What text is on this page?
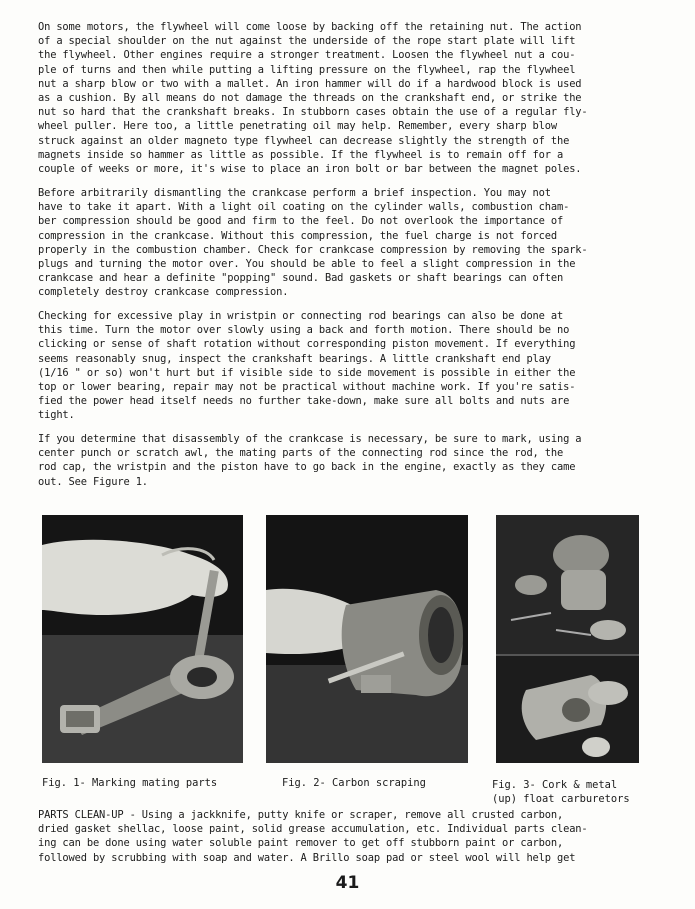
On some motors, the flywheel will come loose by backing off the retaining nut. The action
of a special shoulder on the nut against the underside of the rope start plate will lift
the flywheel. Other engines require a stronger treatment. Loosen the flywheel nut a cou-
ple of turns and then while putting a lifting pressure on the flywheel, rap the flywheel
nut a sharp blow or two with a mallet. An iron hammer will do if a hardwood block is used
as a cushion. By all means do not damage the threads on the crankshaft end, or strike the
nut so hard that the crankshaft breaks. In stubborn cases obtain the use of a regular fly-
wheel puller. Here too, a little penetrating oil may help. Remember, every sharp blow
struck against an older magneto type flywheel can decrease slightly the strength of the
magnets inside so hammer as little as possible. If the flywheel is to remain off for a
couple of weeks or more, it's wise to place an iron bolt or bar between the magnet poles.

Before arbitrarily dismantling the crankcase perform a brief inspection. You may not
have to take it apart. With a light oil coating on the cylinder walls, combustion cham-
ber compression should be good and firm to the feel. Do not overlook the importance of
compression in the crankcase. Without this compression, the fuel charge is not forced
properly in the combustion chamber. Check for crankcase compression by removing the spark-
plugs and turning the motor over. You should be able to feel a slight compression in the
crankcase and hear a definite "popping" sound. Bad gaskets or shaft bearings can often
completely destroy crankcase compression.

Checking for excessive play in wristpin or connecting rod bearings can also be done at
this time. Turn the motor over slowly using a back and forth motion. There should be no
clicking or sense of shaft rotation without corresponding piston movement. If everything
seems reasonably snug, inspect the crankshaft bearings. A little crankshaft end play
(1/16 " or so) won't hurt but if visible side to side movement is possible in either the
top or lower bearing, repair may not be practical without machine work. If you're satis-
fied the power head itself needs no further take-down, make sure all bolts and nuts are
tight.

If you determine that disassembly of the crankcase is necessary, be sure to mark, using a
center punch or scratch awl, the mating parts of the connecting rod since the rod, the
rod cap, the wristpin and the piston have to go back in the engine, exactly as they came
out. See Figure 1.

Fig. 1- Marking mating parts	Fig. 2- Carbon scraping	Fig. 3- Cork & metal
(up) float carburetors

PARTS CLEAN-UP - Using a jackknife, putty knife or scraper, remove all crusted carbon,
dried gasket shellac, loose paint, solid grease accumulation, etc. Individual parts clean-
ing can be done using water soluble paint remover to get off stubborn paint or carbon,
followed by scrubbing with soap and water. A Brillo soap pad or steel wool will help get

41
